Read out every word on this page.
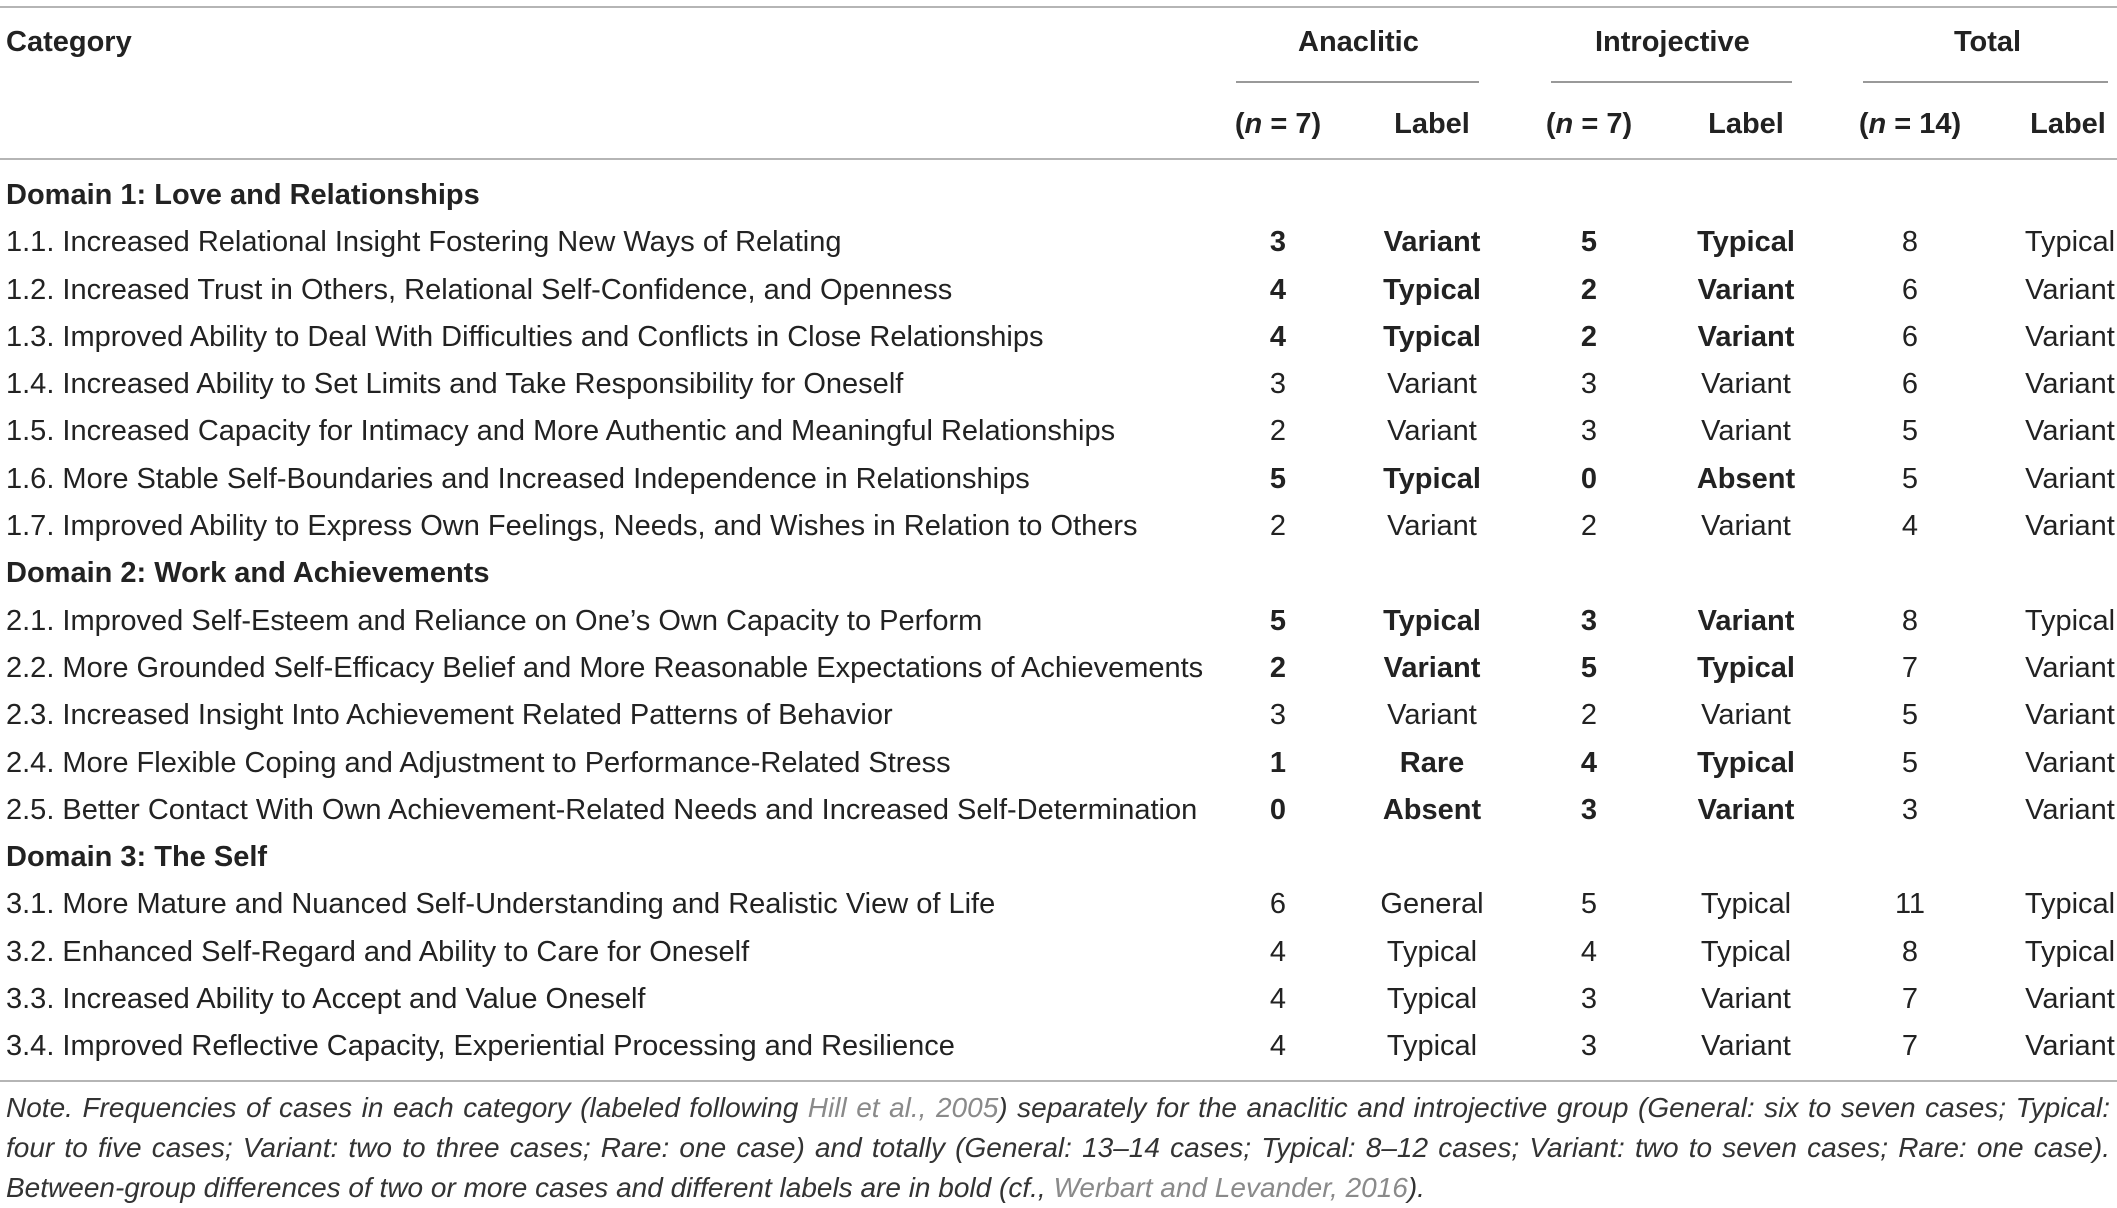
Category	Anaclitic	Introjective	Total
(n = 7)	Label	(n = 7)	Label	(n = 14)	Label
Domain 1: Love and Relationships
1.1. Increased Relational Insight Fostering New Ways of Relating	3	Variant	5	Typical	8	Typical
1.2. Increased Trust in Others, Relational Self-Confidence, and Openness	4	Typical	2	Variant	6	Variant
1.3. Improved Ability to Deal With Difficulties and Conflicts in Close Relationships	4	Typical	2	Variant	6	Variant
1.4. Increased Ability to Set Limits and Take Responsibility for Oneself	3	Variant	3	Variant	6	Variant
1.5. Increased Capacity for Intimacy and More Authentic and Meaningful Relationships	2	Variant	3	Variant	5	Variant
1.6. More Stable Self-Boundaries and Increased Independence in Relationships	5	Typical	0	Absent	5	Variant
1.7. Improved Ability to Express Own Feelings, Needs, and Wishes in Relation to Others	2	Variant	2	Variant	4	Variant
Domain 2: Work and Achievements
2.1. Improved Self-Esteem and Reliance on One’s Own Capacity to Perform	5	Typical	3	Variant	8	Typical
2.2. More Grounded Self-Efficacy Belief and More Reasonable Expectations of Achievements	2	Variant	5	Typical	7	Variant
2.3. Increased Insight Into Achievement Related Patterns of Behavior	3	Variant	2	Variant	5	Variant
2.4. More Flexible Coping and Adjustment to Performance-Related Stress	1	Rare	4	Typical	5	Variant
2.5. Better Contact With Own Achievement-Related Needs and Increased Self-Determination	0	Absent	3	Variant	3	Variant
Domain 3: The Self
3.1. More Mature and Nuanced Self-Understanding and Realistic View of Life	6	General	5	Typical	11	Typical
3.2. Enhanced Self-Regard and Ability to Care for Oneself	4	Typical	4	Typical	8	Typical
3.3. Increased Ability to Accept and Value Oneself	4	Typical	3	Variant	7	Variant
3.4. Improved Reflective Capacity, Experiential Processing and Resilience	4	Typical	3	Variant	7	Variant
Note. Frequencies of cases in each category (labeled following Hill et al., 2005) separately for the anaclitic and introjective group (General: six to seven cases; Typical: four to five cases; Variant: two to three cases; Rare: one case) and totally (General: 13–14 cases; Typical: 8–12 cases; Variant: two to seven cases; Rare: one case). Between-group differences of two or more cases and different labels are in bold (cf., Werbart and Levander, 2016).
